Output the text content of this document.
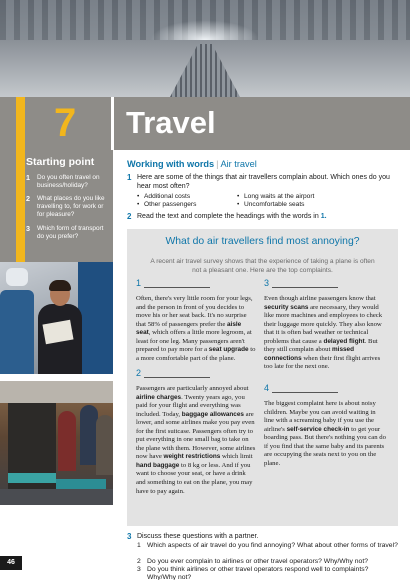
7 Travel
Starting point
1	Do you often travel on business/holiday?
2	What places do you like travelling to, for work or for pleasure?
3	Which form of transport do you prefer?
46
Working with words | Air travel
1 Here are some of the things that air travellers complain about. Which ones do you hear most often?
• Additional costs	• Long waits at the airport
• Other passengers	• Uncomfortable seats
2 Read the text and complete the headings with the words in 1.
What do air travellers find most annoying?
A recent air travel survey shows that the experience of taking a plane is often not a pleasant one. Here are the top complaints.
1

Often, there's very little room for your legs, and the person in front of you decides to move his or her seat back. It's no surprise that 58% of passengers prefer the aisle seat, which offers a little more legroom, at least for one leg. Many passengers aren't prepared to pay more for a seat upgrade to a more comfortable part of the plane.

2

Passengers are particularly annoyed about airline charges. Twenty years ago, you paid for your flight and everything was included. Today, baggage allowances are lower, and some airlines make you pay even for the first suitcase. Passengers often try to put everything in one small bag to take on the plane with them. However, some airlines now have weight restrictions which limit hand baggage to 8 kg or less. And if you want to choose your seat, or have a drink and something to eat on the plane, you may have to pay again.

3

Even though airline passengers know that security scans are necessary, they would like more machines and employees to check their luggage more quickly. They also know that it is often bad weather or technical problems that cause a delayed flight. But they still complain about missed connections when their first flight arrives too late for the next one.

4

The biggest complaint here is about noisy children. Maybe you can avoid waiting in line with a screaming baby if you use the airline's self-service check-in to get your boarding pass. But there's nothing you can do if you find that the same baby and its parents are occupying the seats next to you on the plane.

3 Discuss these questions with a partner.
1 Which aspects of air travel do you find annoying? What about other forms of travel?
2 Do you ever complain to airlines or other travel operators? Why/Why not?
3 Do you think airlines or other travel operators respond well to complaints? Why/Why not?
